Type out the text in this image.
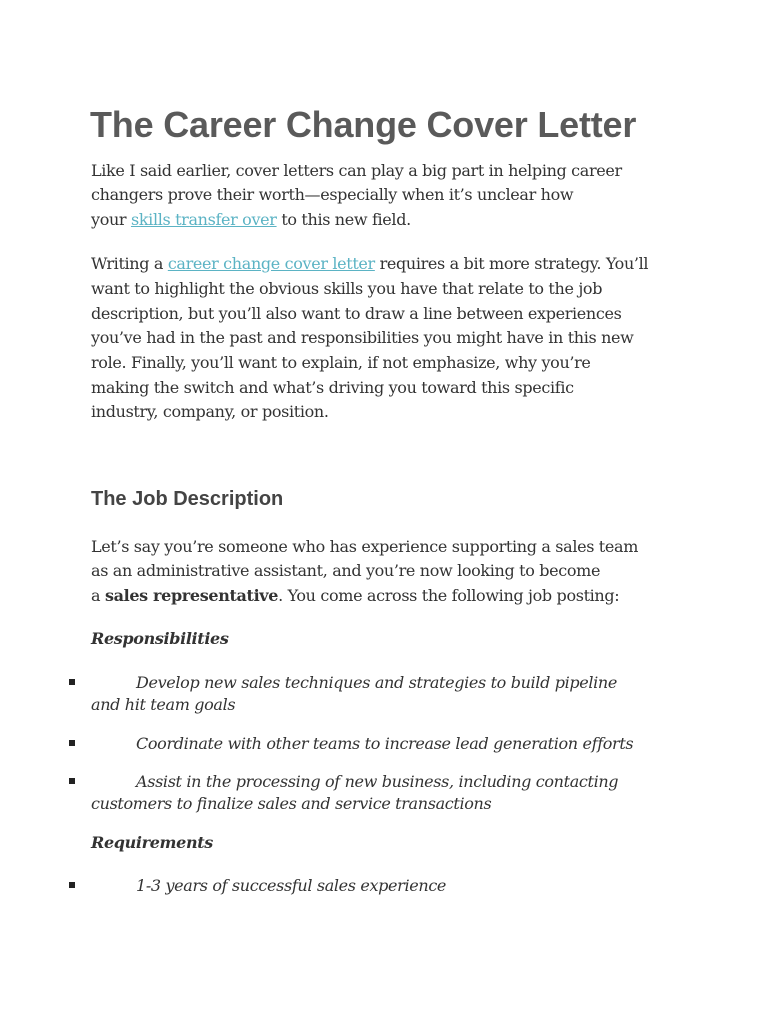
The Career Change Cover Letter
Like I said earlier, cover letters can play a big part in helping career
changers prove their worth—especially when it’s unclear how
your skills transfer over to this new field.
Writing a career change cover letter requires a bit more strategy. You’ll
want to highlight the obvious skills you have that relate to the job
description, but you’ll also want to draw a line between experiences
you’ve had in the past and responsibilities you might have in this new
role. Finally, you’ll want to explain, if not emphasize, why you’re
making the switch and what’s driving you toward this specific
industry, company, or position.
The Job Description
Let’s say you’re someone who has experience supporting a sales team
as an administrative assistant, and you’re now looking to become
a sales representative. You come across the following job posting:
Responsibilities
Develop new sales techniques and strategies to build pipeline
and hit team goals
Coordinate with other teams to increase lead generation efforts
Assist in the processing of new business, including contacting
customers to finalize sales and service transactions
Requirements
1-3 years of successful sales experience
